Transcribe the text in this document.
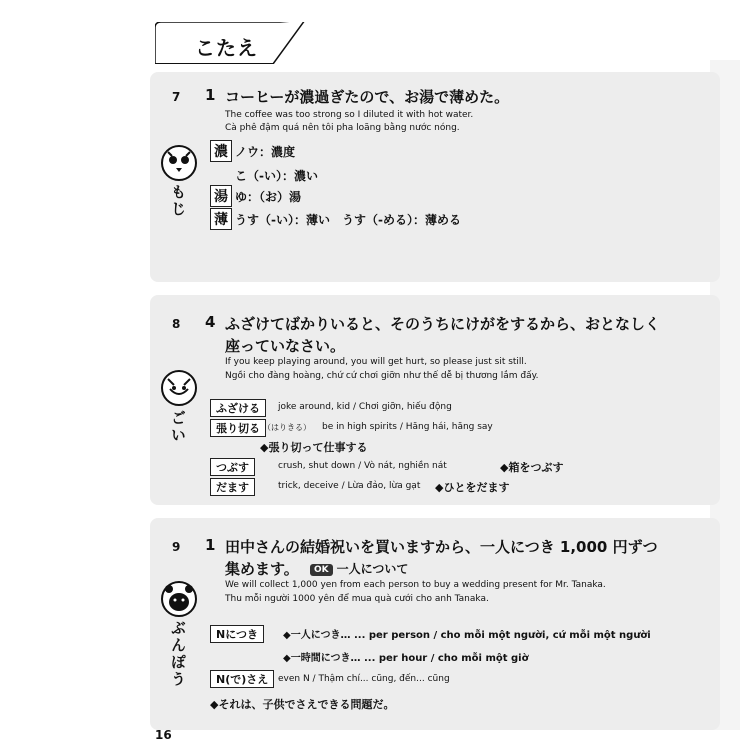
こたえ
7 1 コーヒーが濃過ぎたので、お湯で薄めた。
The coffee was too strong so I diluted it with hot water.
Cà phê đậm quá nên tôi pha loãng bằng nước nóng.
もじ
濃 ノウ：濃度
こ（-い）：濃い
湯 ゆ：（お）湯
薄 うす（-い）：薄い　うす（-める）：薄める
8 4 ふざけてばかりいると、そのうちにけがをするから、おとなしく
座っていなさい。
If you keep playing around, you will get hurt, so please just sit still.
Ngồi cho đàng hoàng, chứ cứ chơi giỡn như thế dễ bị thương lắm đấy.
ごい
ふざける	joke around, kid / Chơi giỡn, hiếu động
張り切る （はりきる） be in high spirits / Hăng hái, hăng say
◆張り切って仕事する
つぶす	crush, shut down / Vò nát, nghiền nát	◆箱をつぶす
だます	trick, deceive / Lừa đảo, lừa gạt ◆ひとをだます
9 1 田中さんの結婚祝いを買いますから、一人につき 1,000 円ずつ
集めます。	OK 一人について
We will collect 1,000 yen from each person to buy a wedding present for Mr. Tanaka.
Thu mỗi người 1000 yên để mua quà cưới cho anh Tanaka.
ぶんぽう	Nにつき	◆一人につき… ... per person / cho mỗi một người, cứ mỗi một người
◆一時間につき… ... per hour / cho mỗi một giờ
N(で)さえ	even N / Thậm chí... cũng, đến... cũng
◆それは、子供でさえできる問題だ。
16
